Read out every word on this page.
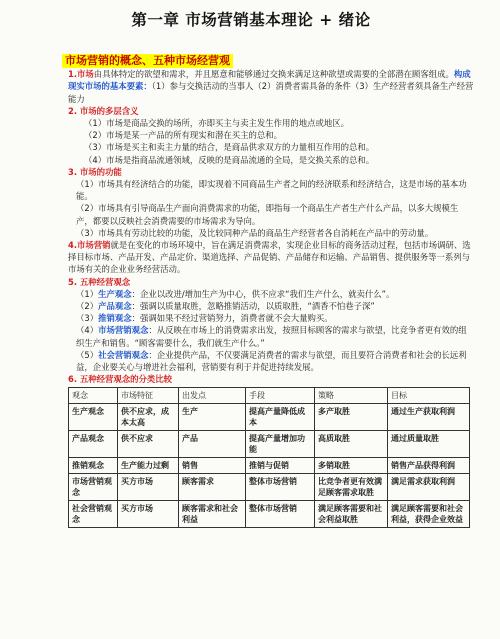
第一章 市场营销基本理论 + 绪论
市场营销的概念、五种市场经营观

1.市场由具体特定的欲望和需求，并且愿意和能够通过交换来满足这种欲望或需要的全部潜在顾客组成。构成现实市场的基本要素：（1）参与交换活动的当事人（2）消费者需具备的条件（3）生产经营者须具备生产经营能力

2. 市场的多层含义

（1）市场是商品交换的场所，亦即买主与卖主发生作用的地点或地区。

（2）市场是某一产品的所有现实和潜在买主的总和。

（3）市场是买主和卖主力量的结合，是商品供求双方的力量相互作用的总和。

（4）市场是指商品流通领域，反映的是商品流通的全局，是交换关系的总和。

3. 市场的功能

（1）市场具有经济结合的功能，即实现着不同商品生产者之间的经济联系和经济结合，这是市场的基本功能。

（2）市场具有引导商品生产面向消费需求的功能，即指每一个商品生产者生产什么产品，以多大规模生产，都要以反映社会消费需要的市场需求为导向。

（3）市场具有劳动比较的功能，及比较同种产品的商品生产经营者各自消耗在产品中的劳动量。

4.市场营销就是在变化的市场环境中，旨在满足消费需求，实现企业目标的商务活动过程，包括市场调研、选择目标市场、产品开发、产品定价、渠道选择、产品促销、产品储存和运输、产品销售、提供服务等一系列与市场有关的企业业务经营活动。

5. 五种经营观念

（1）生产观念：企业以改进/增加生产为中心，供不应求“我们生产什么，就卖什么”。

（2）产品观念：强调以质量取胜，忽略推销活动，以质取胜，“酒香不怕巷子深”

（3）推销观念：强调如果不经过营销努力，消费者就不会大量购买。

（4）市场营销观念：从反映在市场上的消费需求出发，按照目标顾客的需求与欲望，比竞争者更有效的组织生产和销售。“顾客需要什么，我们就生产什么。”

（5）社会营销观念：企业提供产品，不仅要满足消费者的需求与欲望，而且要符合消费者和社会的长远利益，企业要关心与增进社会福利，营销要有利于并促进持续发展。

6. 五种经营观念的分类比较

观念	市场特征	出发点	手段	策略	目标
生产观念	供不应求，成本太高	生产	提高产量降低成本	多产取胜	通过生产获取利润
产品观念	供不应求	产品	提高产量增加功能	高质取胜	通过质量取胜
推销观念	生产能力过剩	销售	推销与促销	多销取胜	销售产品获得利润
市场营销观念	买方市场	顾客需求	整体市场营销	比竞争者更有效满足顾客需求取胜	满足需求获取利润
社会营销观念	买方市场	顾客需求和社会利益	整体市场营销	满足顾客需要和社会利益取胜	满足顾客需要和社会利益，获得企业效益
